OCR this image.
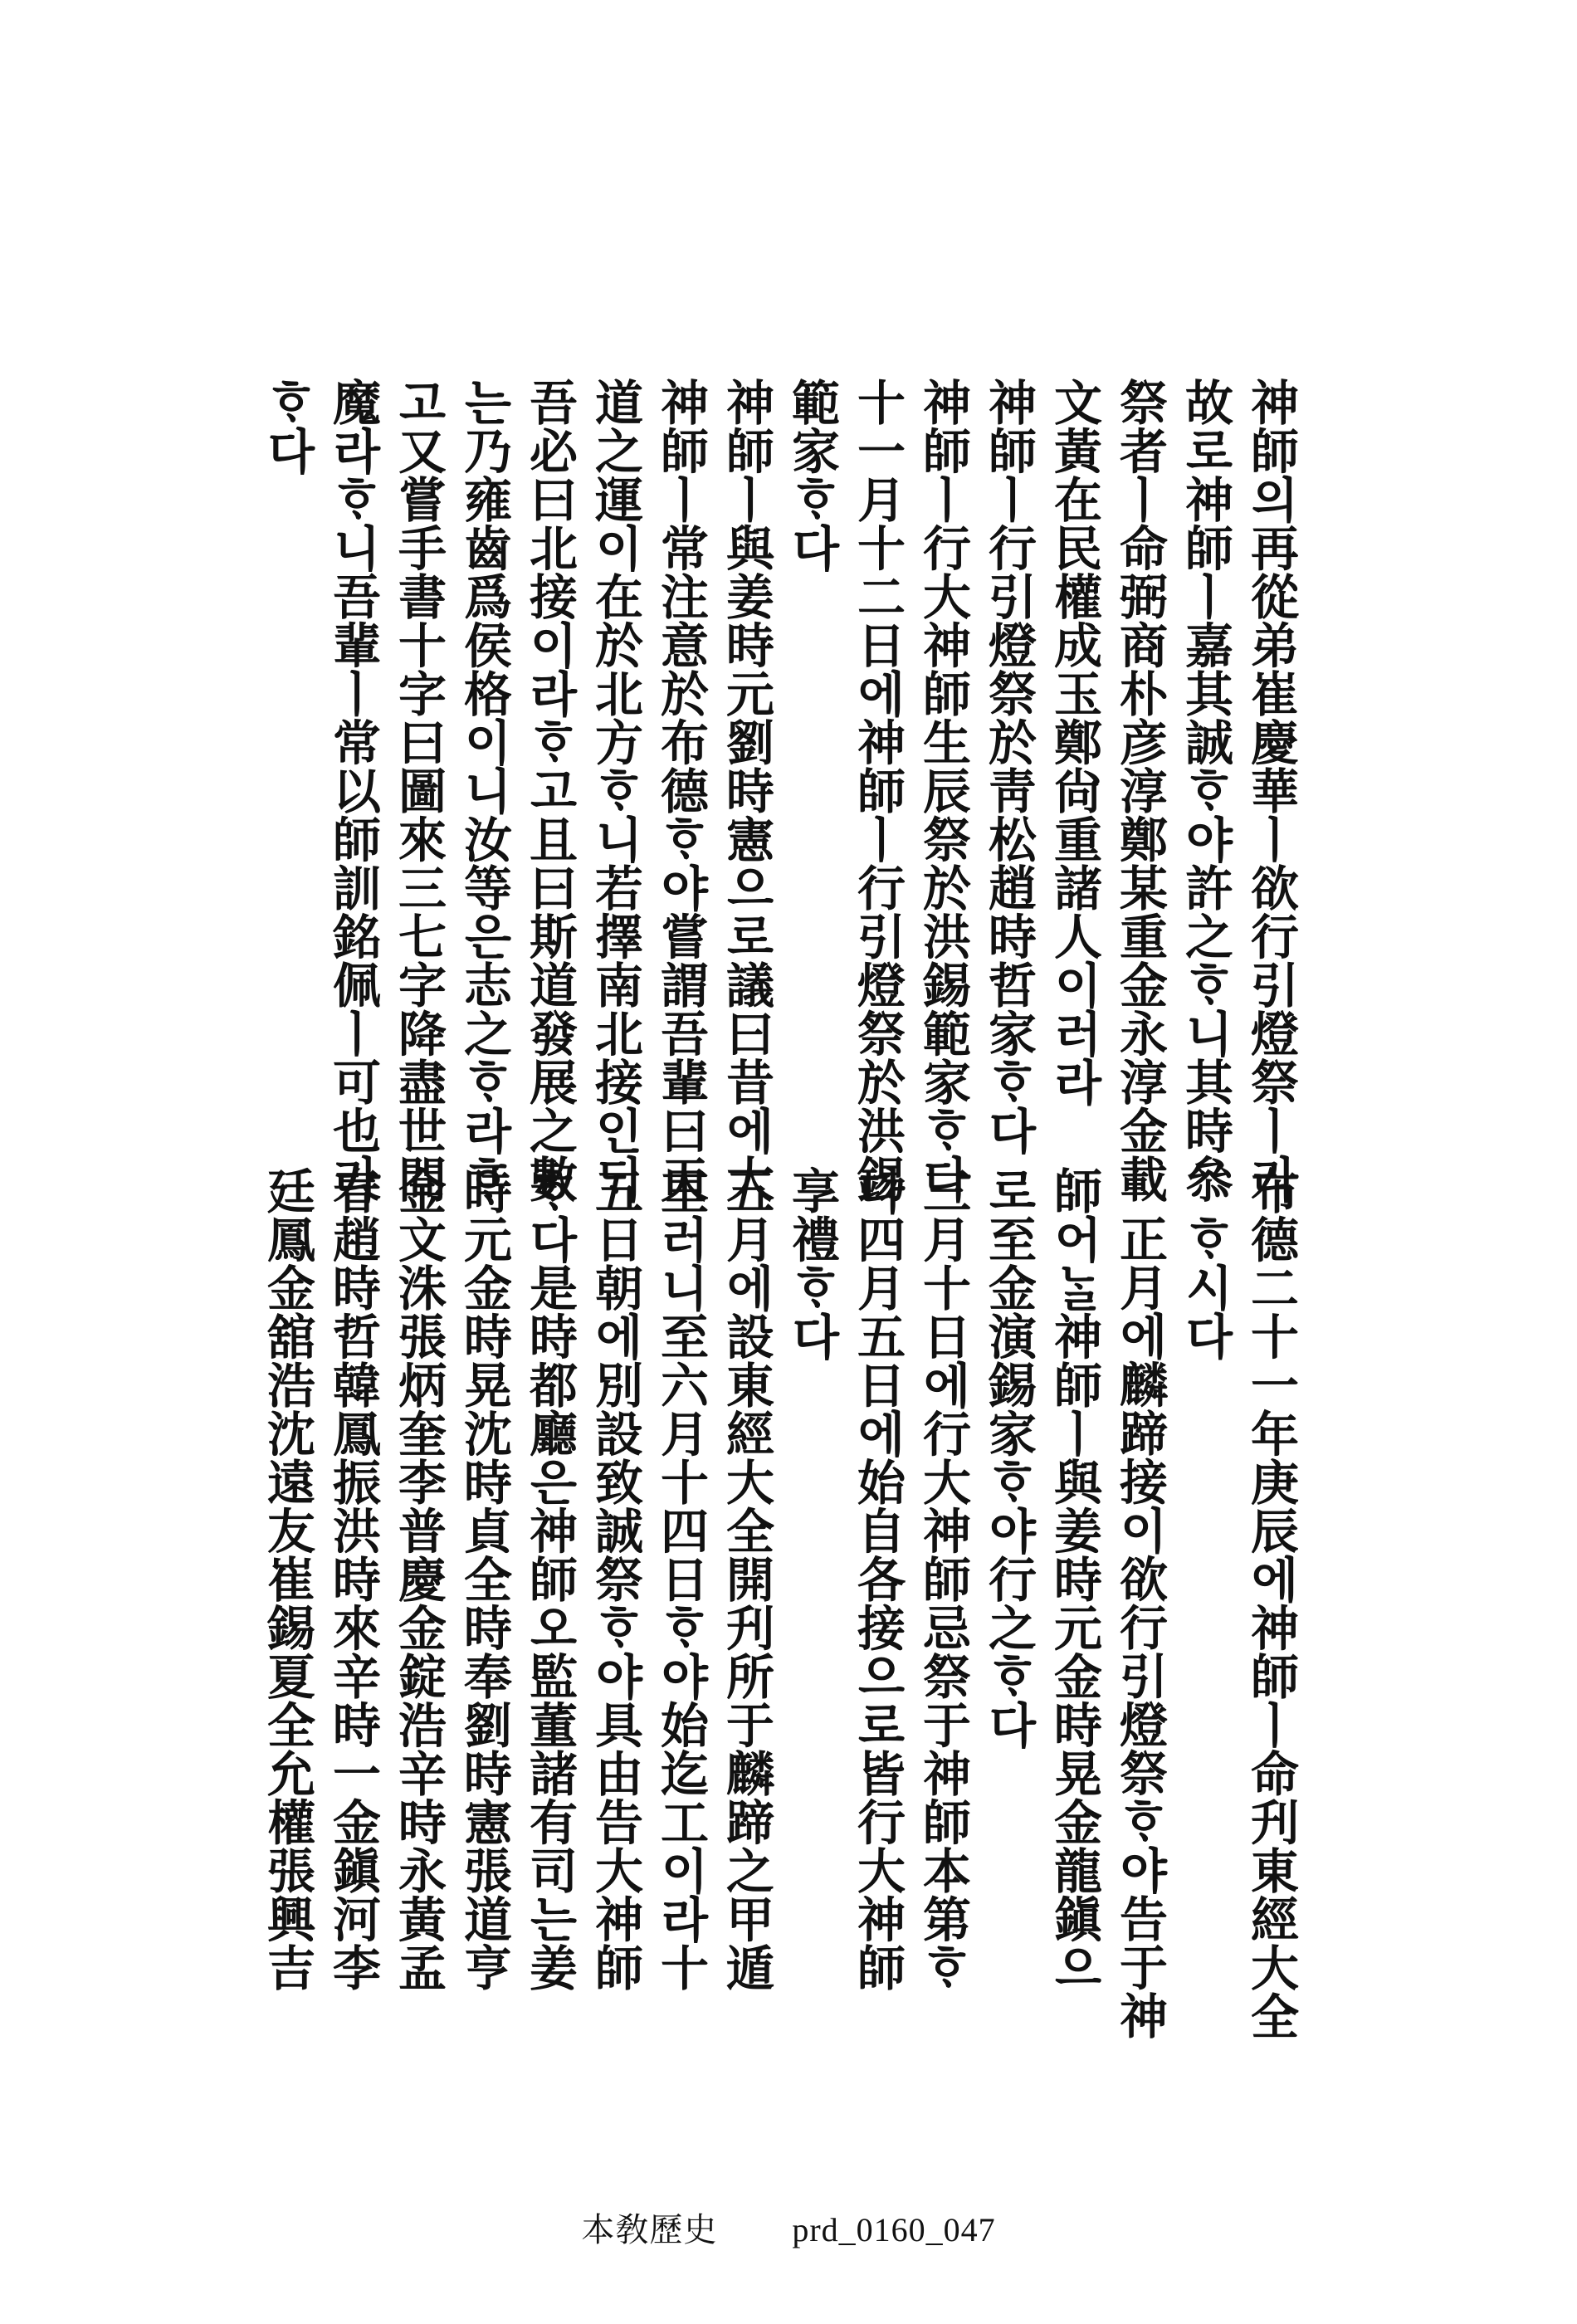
神師의再從弟崔慶華ㅣ欲行引燈祭ㅣ라
故로神師ㅣ嘉其誠ᄒᆞ야許之ᄒᆞ니其時叅
祭者ㅣ命弼商朴彦淳鄭某重金永淳金載
文黃在民權成玉鄭尙重諸人이러라
神師ㅣ行引燈祭於靑松趙時哲家ᄒᆞ다
神師ㅣ行大神師生辰祭於洪錫範家ᄒᆞ다
十一月十二日에神師ㅣ行引燈祭於洪錫
範家ᄒᆞ다
神師ㅣ與姜時元劉時憲으로議曰昔에大
神師ㅣ常注意於布德ᄒᆞ야嘗謂吾輩曰天
道之運이在於北方ᄒᆞ니若擇南北接인ᄃᆡ
吾必曰北接이라ᄒᆞ고且曰斯道發展之數
는乃雍齒爲侯格이니汝等은志之ᄒᆞ라ᄒᆞ
고又嘗手書十字曰圖來三七字降盡世間
魔라ᄒᆞ니吾輩ㅣ常以師訓銘佩ㅣ可也라
ᄒᆞ다
布德二十一年庚辰에神師ㅣ命刋東經大全
ᄒᆞ시다
正月에麟蹄接이欲行引燈祭ᄒᆞ야告于神
師어ᄂᆞᆯ神師ㅣ與姜時元金時晃金龍鎭으
로至金演錫家ᄒᆞ야行之ᄒᆞ다
三月十日에行大神師忌祭于神師本第ᄒᆞ
다四月五日에始自各接으로皆行大神師
享禮ᄒᆞ다
五月에設東經大全開刋所于麟蹄之甲遁
里러니至六月十四日ᄒᆞ야始迄工이라十
五日朝에別設致誠祭ᄒᆞ야具由告大神師
ᄒᆞ다是時都廳은神師오監董諸有司는姜
時元金時晃沈時貞全時奉劉時憲張道亨
金文洙張炳奎李普慶金錠浩辛時永黃孟
春趙時哲韓鳳振洪時來辛時一金鎭河李
廷鳳金舘浩沈遠友崔錫夏全允權張興吉
本敎歷史 prd_0160_047
